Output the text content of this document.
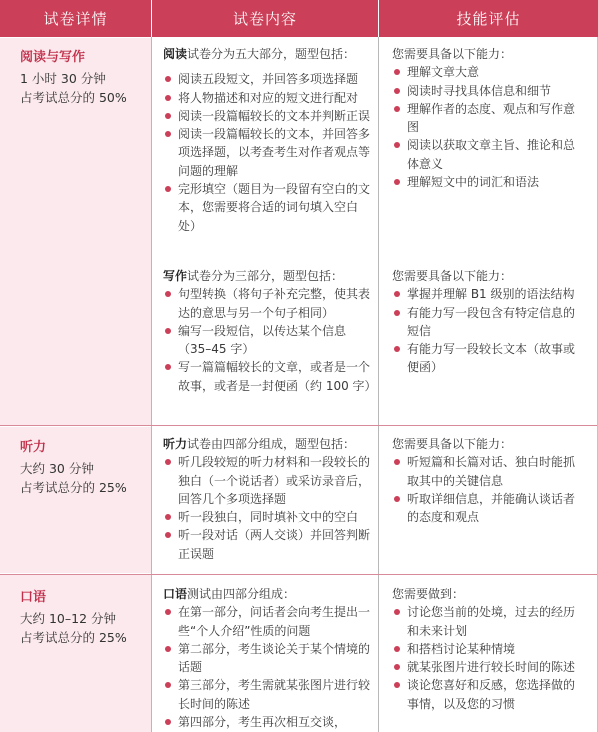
试卷详情	试卷内容	技能评估
阅读与写作
1 小时 30 分钟
占考试总分的 50%
阅读试卷分为五大部分，题型包括：
阅读五段短文，并回答多项选择题
将人物描述和对应的短文进行配对
阅读一段篇幅较长的文本并判断正误
阅读一段篇幅较长的文本，并回答多项选择题，以考查考生对作者观点等问题的理解
完形填空（题目为一段留有空白的文本，您需要将合适的词句填入空白处）
您需要具备以下能力：
理解文章大意
阅读时寻找具体信息和细节
理解作者的态度、观点和写作意图
阅读以获取文章主旨、推论和总体意义
理解短文中的词汇和语法
写作试卷分为三部分，题型包括：
句型转换（将句子补充完整，使其表达的意思与另一个句子相同）
编写一段短信，以传达某个信息（35–45 字）
写一篇篇幅较长的文章，或者是一个故事，或者是一封便函（约 100 字）
您需要具备以下能力：
掌握并理解 B1 级别的语法结构
有能力写一段包含有特定信息的短信
有能力写一段较长文本（故事或便函）
听力
大约 30 分钟
占考试总分的 25%
听力试卷由四部分组成，题型包括：
听几段较短的听力材料和一段较长的独白（一个说话者）或采访录音后，回答几个多项选择题
听一段独白，同时填补文中的空白
听一段对话（两人交谈）并回答判断正误题
您需要具备以下能力：
听短篇和长篇对话、独白时能抓取其中的关键信息
听取详细信息，并能确认谈话者的态度和观点
口语
大约 10–12 分钟
占考试总分的 25%
口语测试由四部分组成：
在第一部分，问话者会向考生提出一些“个人介绍”性质的问题
第二部分，考生谈论关于某个情境的话题
第三部分，考生需就某张图片进行较长时间的陈述
第四部分，考生再次相互交谈，
您需要做到：
讨论您当前的处境，过去的经历和未来计划
和搭档讨论某种情境
就某张图片进行较长时间的陈述
谈论您喜好和反感，您选择做的事情，以及您的习惯
